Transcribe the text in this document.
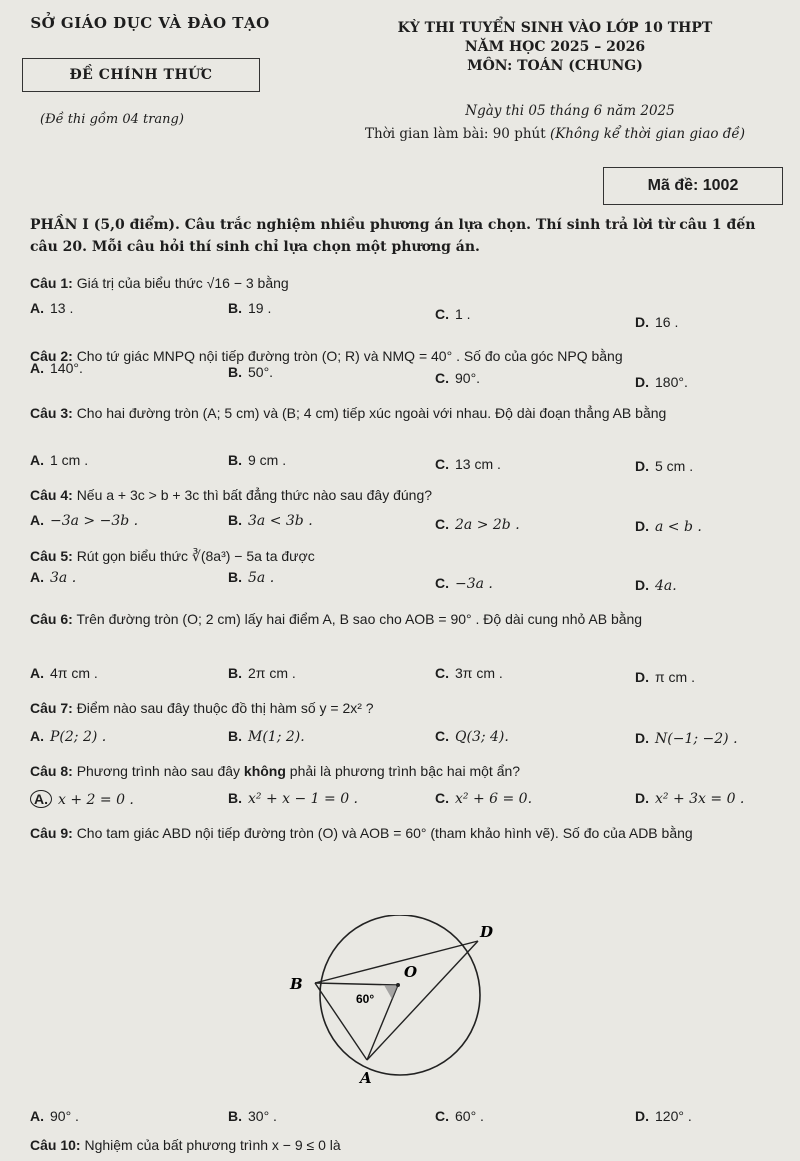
SỞ GIÁO DỤC VÀ ĐÀO TẠO
ĐỀ CHÍNH THỨC
(Đề thi gồm 04 trang)
KỲ THI TUYỂN SINH VÀO LỚP 10 THPT
NĂM HỌC 2025 – 2026
MÔN: TOÁN (CHUNG)
Ngày thi 05 tháng 6 năm 2025
Thời gian làm bài: 90 phút (Không kể thời gian giao đề)
Mã đề: 1002
PHẦN I (5,0 điểm). Câu trắc nghiệm nhiều phương án lựa chọn. Thí sinh trả lời từ câu 1 đến câu 20. Mỗi câu hỏi thí sinh chỉ lựa chọn một phương án.
Câu 1: Giá trị của biểu thức √16 − 3 bằng
A. 13 .	B. 19 .	C. 1 .	D. 16 .
Câu 2: Cho tứ giác MNPQ nội tiếp đường tròn (O; R) và NMQ = 40° . Số đo của góc NPQ bằng
A. 140°.	B. 50°.	C. 90°.	D. 180°.
Câu 3: Cho hai đường tròn (A; 5 cm) và (B; 4 cm) tiếp xúc ngoài với nhau. Độ dài đoạn thẳng AB bằng
A. 1 cm .	B. 9 cm .	C. 13 cm .	D. 5 cm .
Câu 4: Nếu a + 3c > b + 3c thì bất đẳng thức nào sau đây đúng?
A. −3a > −3b .	B. 3a < 3b .	C. 2a > 2b .	D. a < b .
Câu 5: Rút gọn biểu thức ∛(8a³) − 5a ta được
A. 3a .	B. 5a .	C. −3a .	D. 4a.
Câu 6: Trên đường tròn (O; 2 cm) lấy hai điểm A, B sao cho AOB = 90° . Độ dài cung nhỏ AB bằng
A. 4π cm .	B. 2π cm .	C. 3π cm .	D. π cm .
Câu 7: Điểm nào sau đây thuộc đồ thị hàm số y = 2x² ?
A. P(2; 2) .	B. M(1; 2).	C. Q(3; 4).	D. N(−1; −2) .
Câu 8: Phương trình nào sau đây không phải là phương trình bậc hai một ẩn?
A. x + 2 = 0 .	B. x² + x − 1 = 0 .	C. x² + 6 = 0.	D. x² + 3x = 0 .
Câu 9: Cho tam giác ABD nội tiếp đường tròn (O) và AOB = 60° (tham khảo hình vẽ). Số đo của ADB bằng
D
O
B
A
60°
A. 90° .	B. 30° .	C. 60° .	D. 120° .
Câu 10: Nghiệm của bất phương trình x − 9 ≤ 0 là
